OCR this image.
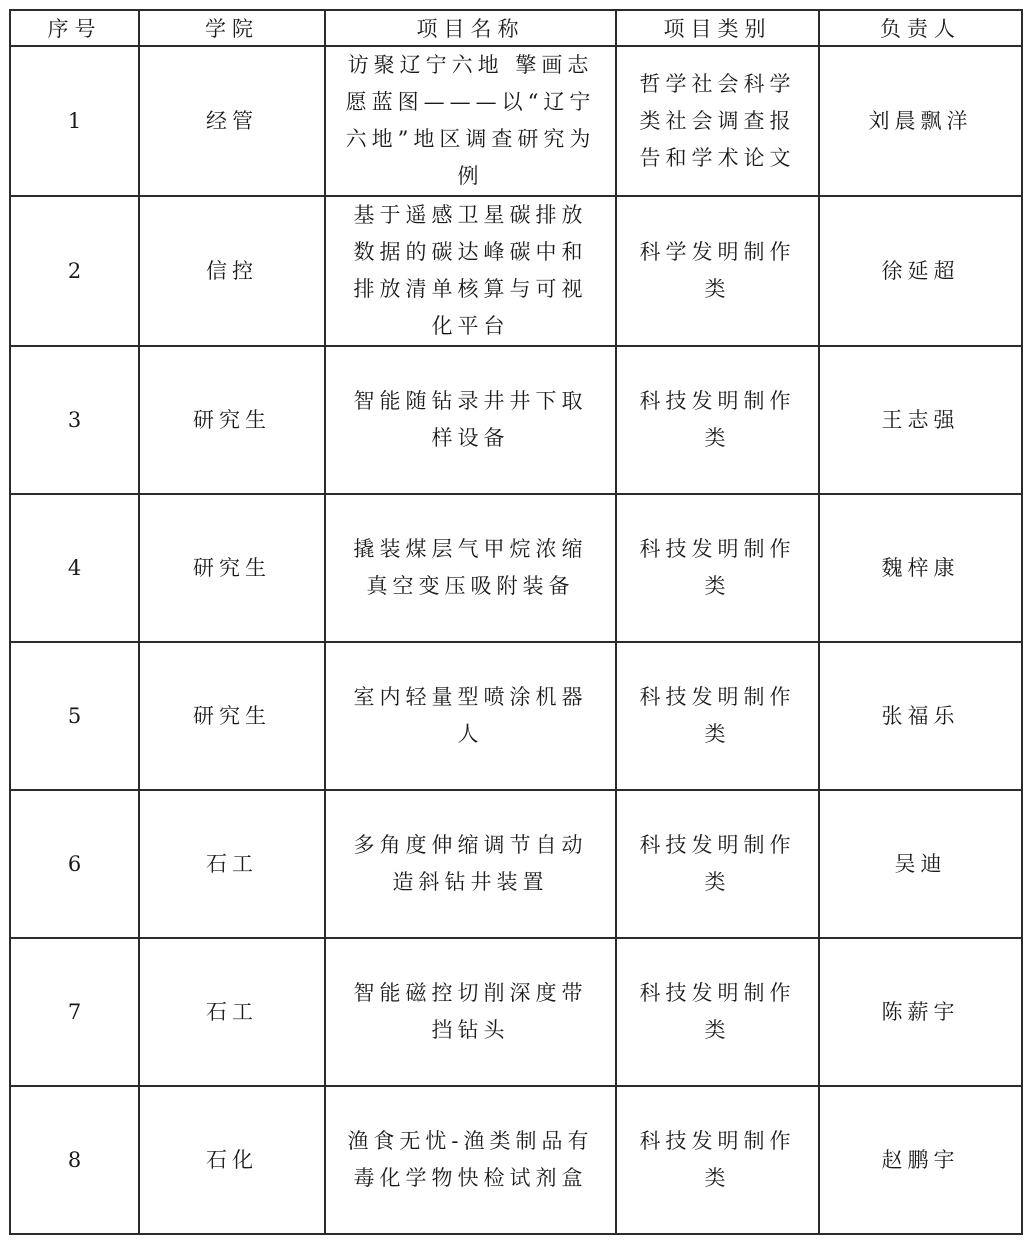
序号	学院	项目名称	项目类别	负责人
1	经管	访聚辽宁六地 擎画志愿蓝图———以“辽宁六地”地区调查研究为例	哲学社会科学类社会调查报告和学术论文	刘晨飘洋
2	信控	基于遥感卫星碳排放数据的碳达峰碳中和排放清单核算与可视化平台	科学发明制作类	徐延超
3	研究生	智能随钻录井井下取样设备	科技发明制作类	王志强
4	研究生	撬装煤层气甲烷浓缩真空变压吸附装备	科技发明制作类	魏梓康
5	研究生	室内轻量型喷涂机器人	科技发明制作类	张福乐
6	石工	多角度伸缩调节自动造斜钻井装置	科技发明制作类	吴迪
7	石工	智能磁控切削深度带挡钻头	科技发明制作类	陈薪宇
8	石化	渔食无忧-渔类制品有毒化学物快检试剂盒	科技发明制作类	赵鹏宇
